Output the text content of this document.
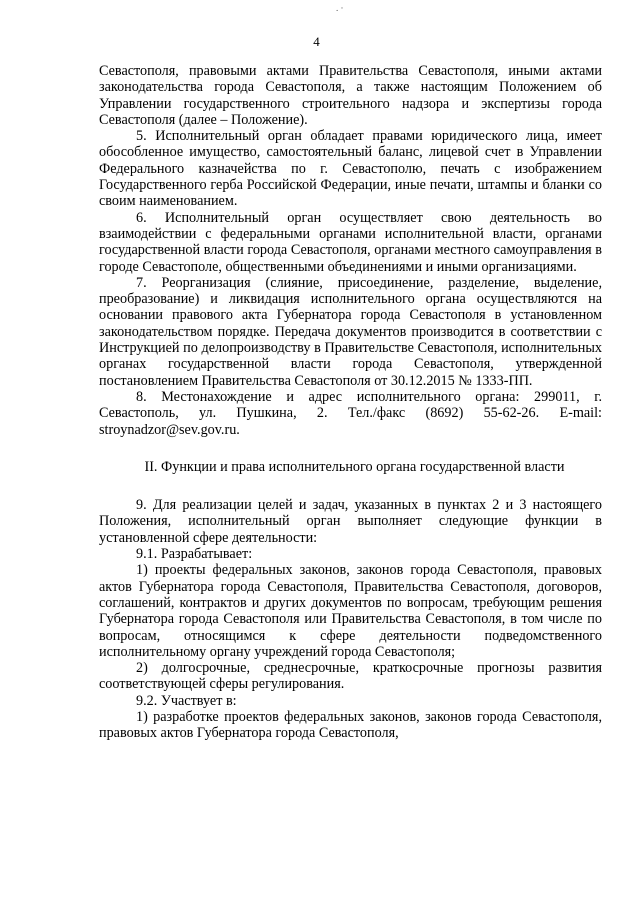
. ·
4

Севастополя, правовыми актами Правительства Севастополя, иными актами законодательства города Севастополя, а также настоящим Положением об Управлении государственного строительного надзора и экспертизы города Севастополя (далее – Положение).

5. Исполнительный орган обладает правами юридического лица, имеет обособленное имущество, самостоятельный баланс, лицевой счет в Управлении Федерального казначейства по г. Севастополю, печать с изображением Государственного герба Российской Федерации, иные печати, штампы и бланки со своим наименованием.

6. Исполнительный орган осуществляет свою деятельность во взаимодействии с федеральными органами исполнительной власти, органами государственной власти города Севастополя, органами местного самоуправления в городе Севастополе, общественными объединениями и иными организациями.

7. Реорганизация (слияние, присоединение, разделение, выделение, преобразование) и ликвидация исполнительного органа осуществляются на основании правового акта Губернатора города Севастополя в установленном законодательством порядке. Передача документов производится в соответствии с Инструкцией по делопроизводству в Правительстве Севастополя, исполнительных органах государственной власти города Севастополя, утвержденной постановлением Правительства Севастополя от 30.12.2015 № 1333-ПП.

8. Местонахождение и адрес исполнительного органа: 299011, г. Севастополь, ул. Пушкина, 2. Тел./факс (8692) 55-62-26. E-mail: stroynadzor@sev.gov.ru.

II. Функции и права исполнительного органа государственной власти

9. Для реализации целей и задач, указанных в пунктах 2 и 3 настоящего Положения, исполнительный орган выполняет следующие функции в установленной сфере деятельности:

9.1. Разрабатывает:

1) проекты федеральных законов, законов города Севастополя, правовых актов Губернатора города Севастополя, Правительства Севастополя, договоров, соглашений, контрактов и других документов по вопросам, требующим решения Губернатора города Севастополя или Правительства Севастополя, в том числе по вопросам, относящимся к сфере деятельности подведомственного исполнительному органу учреждений города Севастополя;

2) долгосрочные, среднесрочные, краткосрочные прогнозы развития соответствующей сферы регулирования.

9.2. Участвует в:

1) разработке проектов федеральных законов, законов города Севастополя, правовых актов Губернатора города Севастополя,
